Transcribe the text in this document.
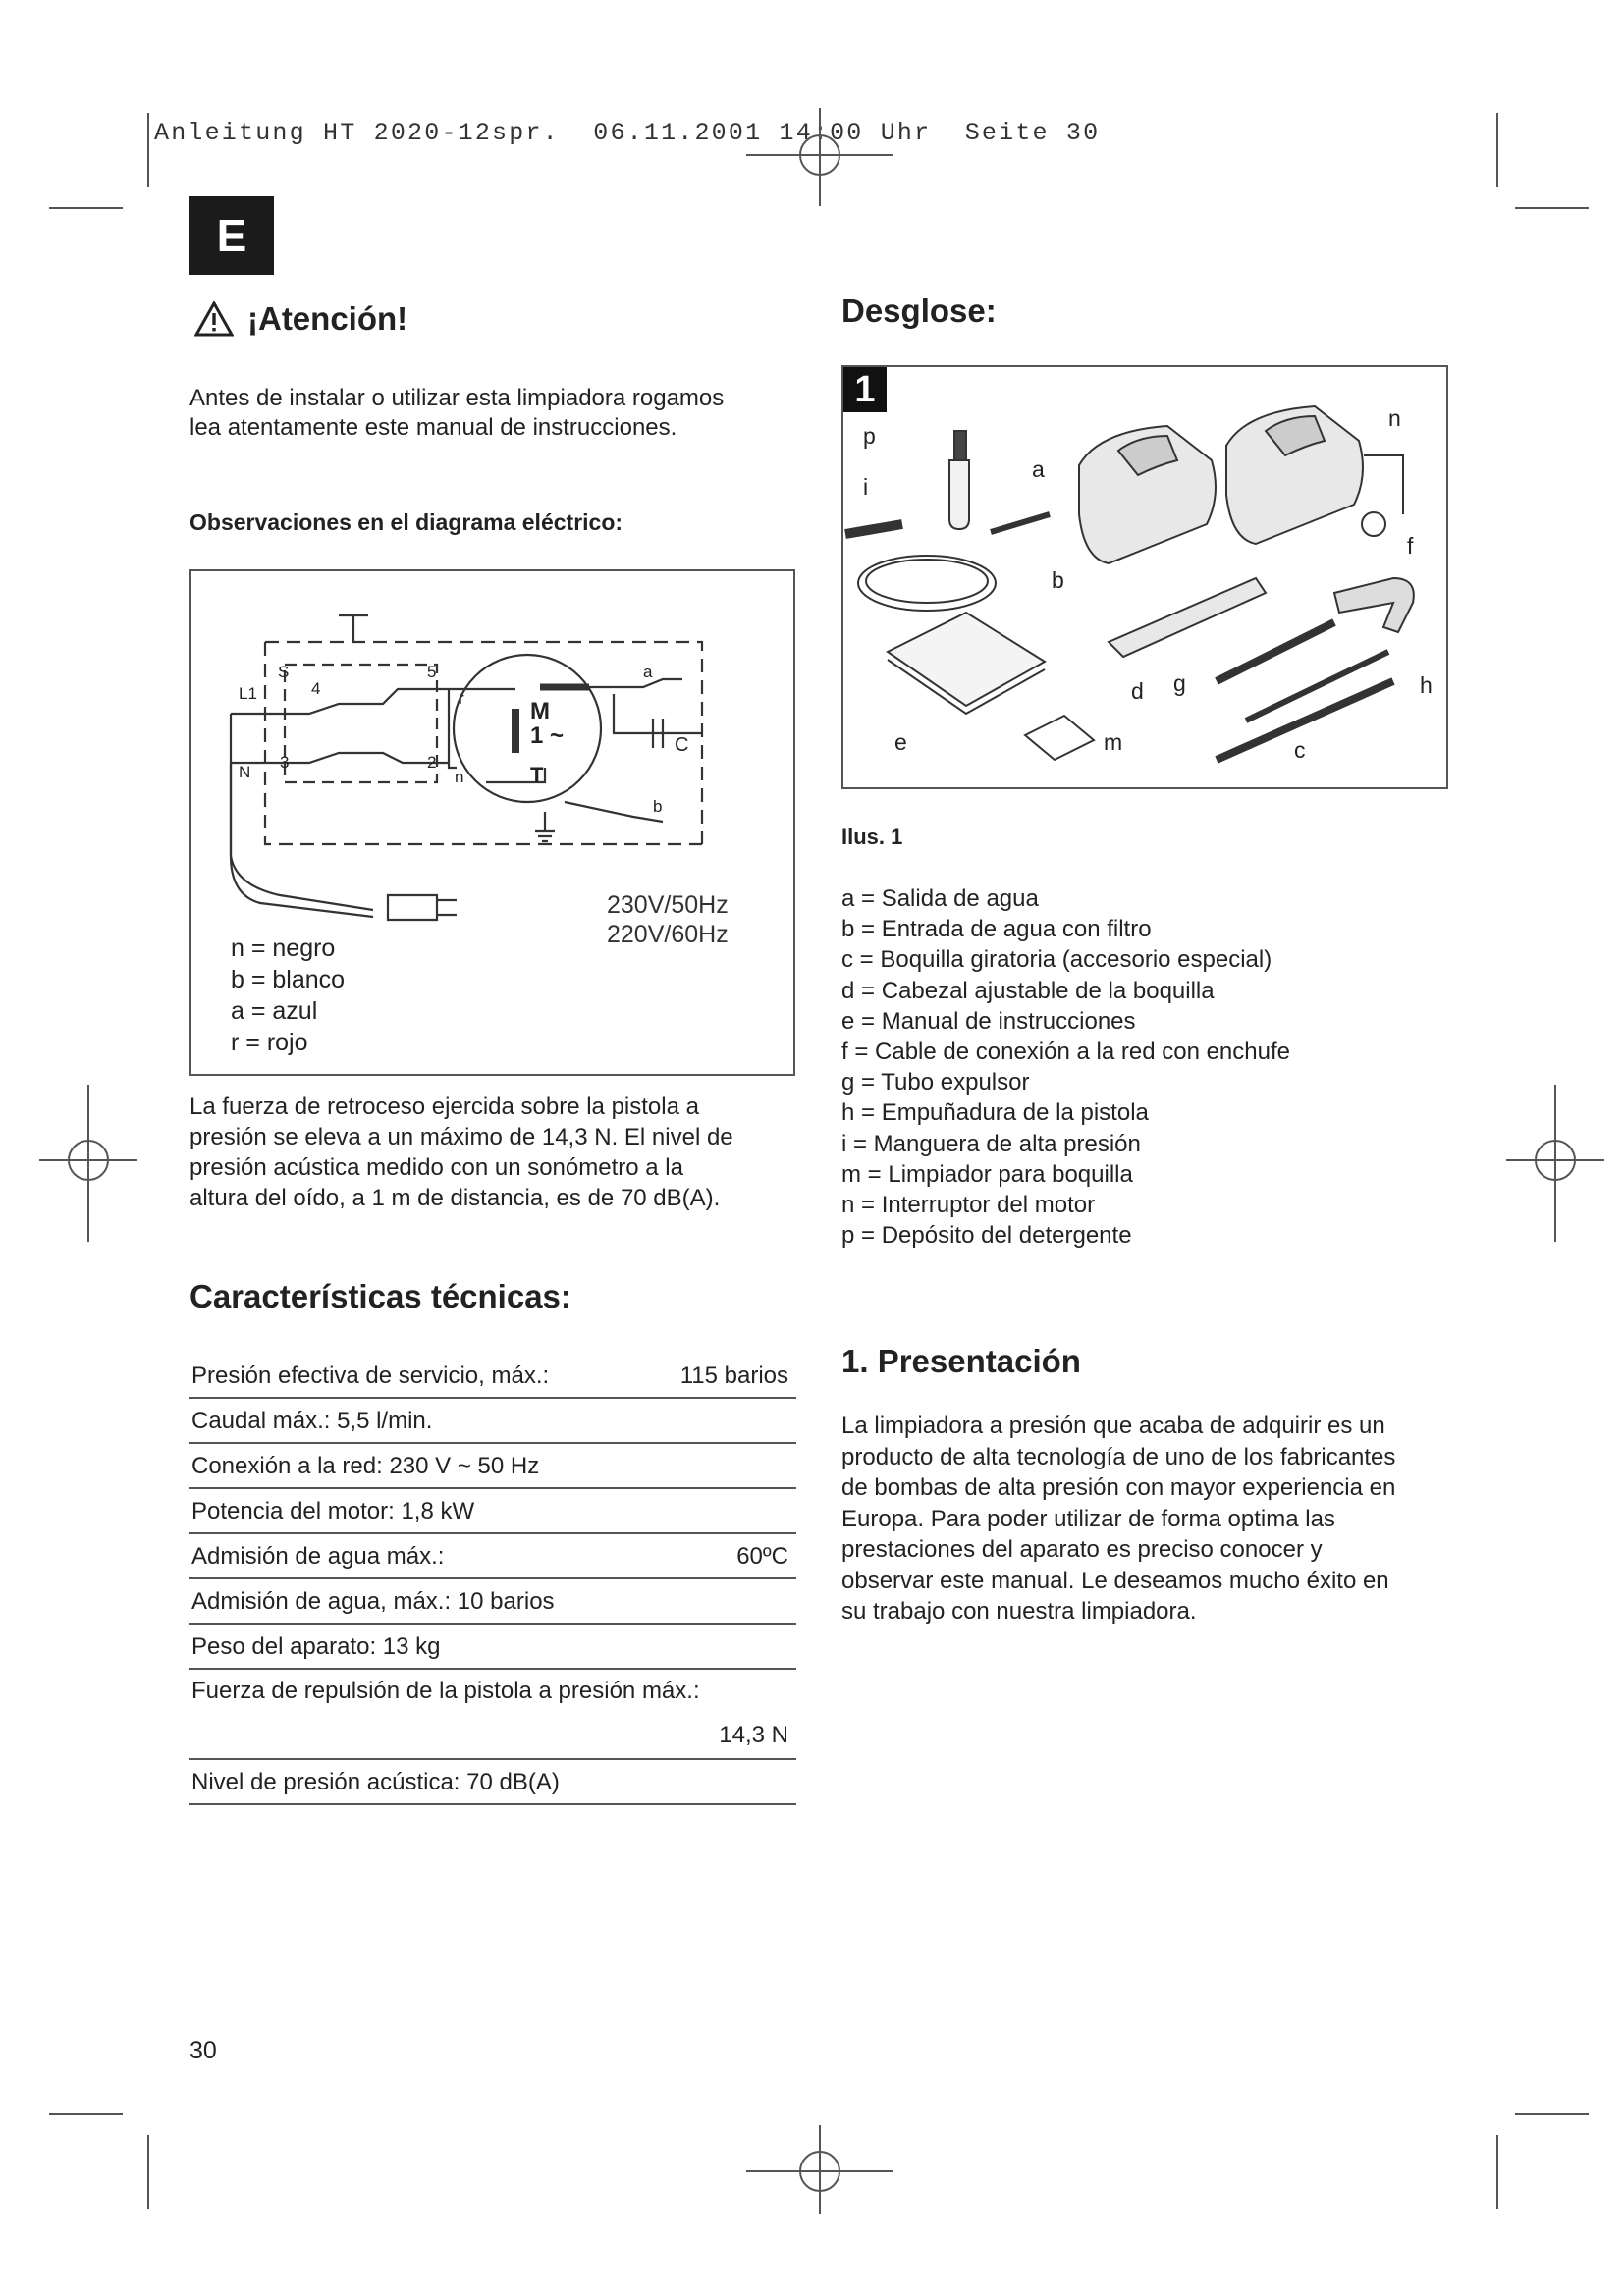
Anleitung HT 2020-12spr.  06.11.2001 14:00 Uhr  Seite 30
E
¡Atención!
Antes de instalar o utilizar esta limpiadora rogamos
lea atentamente este manual de instrucciones.
Observaciones en el diagrama eléctrico:
S	5
r
a
L1	4
M
1 ~	C
T
3	2
n
N
b
230V/50Hz
220V/60Hz
n = negro
b = blanco
a = azul
r = rojo
La fuerza de retroceso ejercida sobre la pistola a
presión se eleva a un máximo de 14,3 N. El nivel de
presión acústica medido con un sonómetro a la
altura del oído, a 1 m de distancia, es de 70 dB(A).
Características técnicas:
Presión efectiva de servicio, máx.:	115 barios
Caudal máx.: 5,5 l/min.
Conexión a la red: 230 V ~ 50 Hz
Potencia del motor: 1,8 kW
Admisión de agua máx.:	60ºC
Admisión de agua, máx.: 10 barios
Peso del aparato: 13 kg
Fuerza de repulsión de la pistola a presión máx.:
14,3 N
Nivel de presión acústica: 70 dB(A)
30
Desglose:
p
i
a
b
n
f
h
d g
e	m	c
1
Ilus. 1
a = Salida de agua
b = Entrada de agua con filtro
c = Boquilla giratoria (accesorio especial)
d = Cabezal ajustable de la boquilla
e = Manual de instrucciones
f = Cable de conexión a la red con enchufe
g = Tubo expulsor
h = Empuñadura de la pistola
i = Manguera de alta presión
m = Limpiador para boquilla
n = Interruptor del motor
p = Depósito del detergente
1. Presentación
La limpiadora a presión que acaba de adquirir es un
producto de alta tecnología de uno de los fabricantes
de bombas de alta presión con mayor experiencia en
Europa. Para poder utilizar de forma optima las
prestaciones del aparato es preciso conocer y
observar este manual. Le deseamos mucho éxito en
su trabajo con nuestra limpiadora.
